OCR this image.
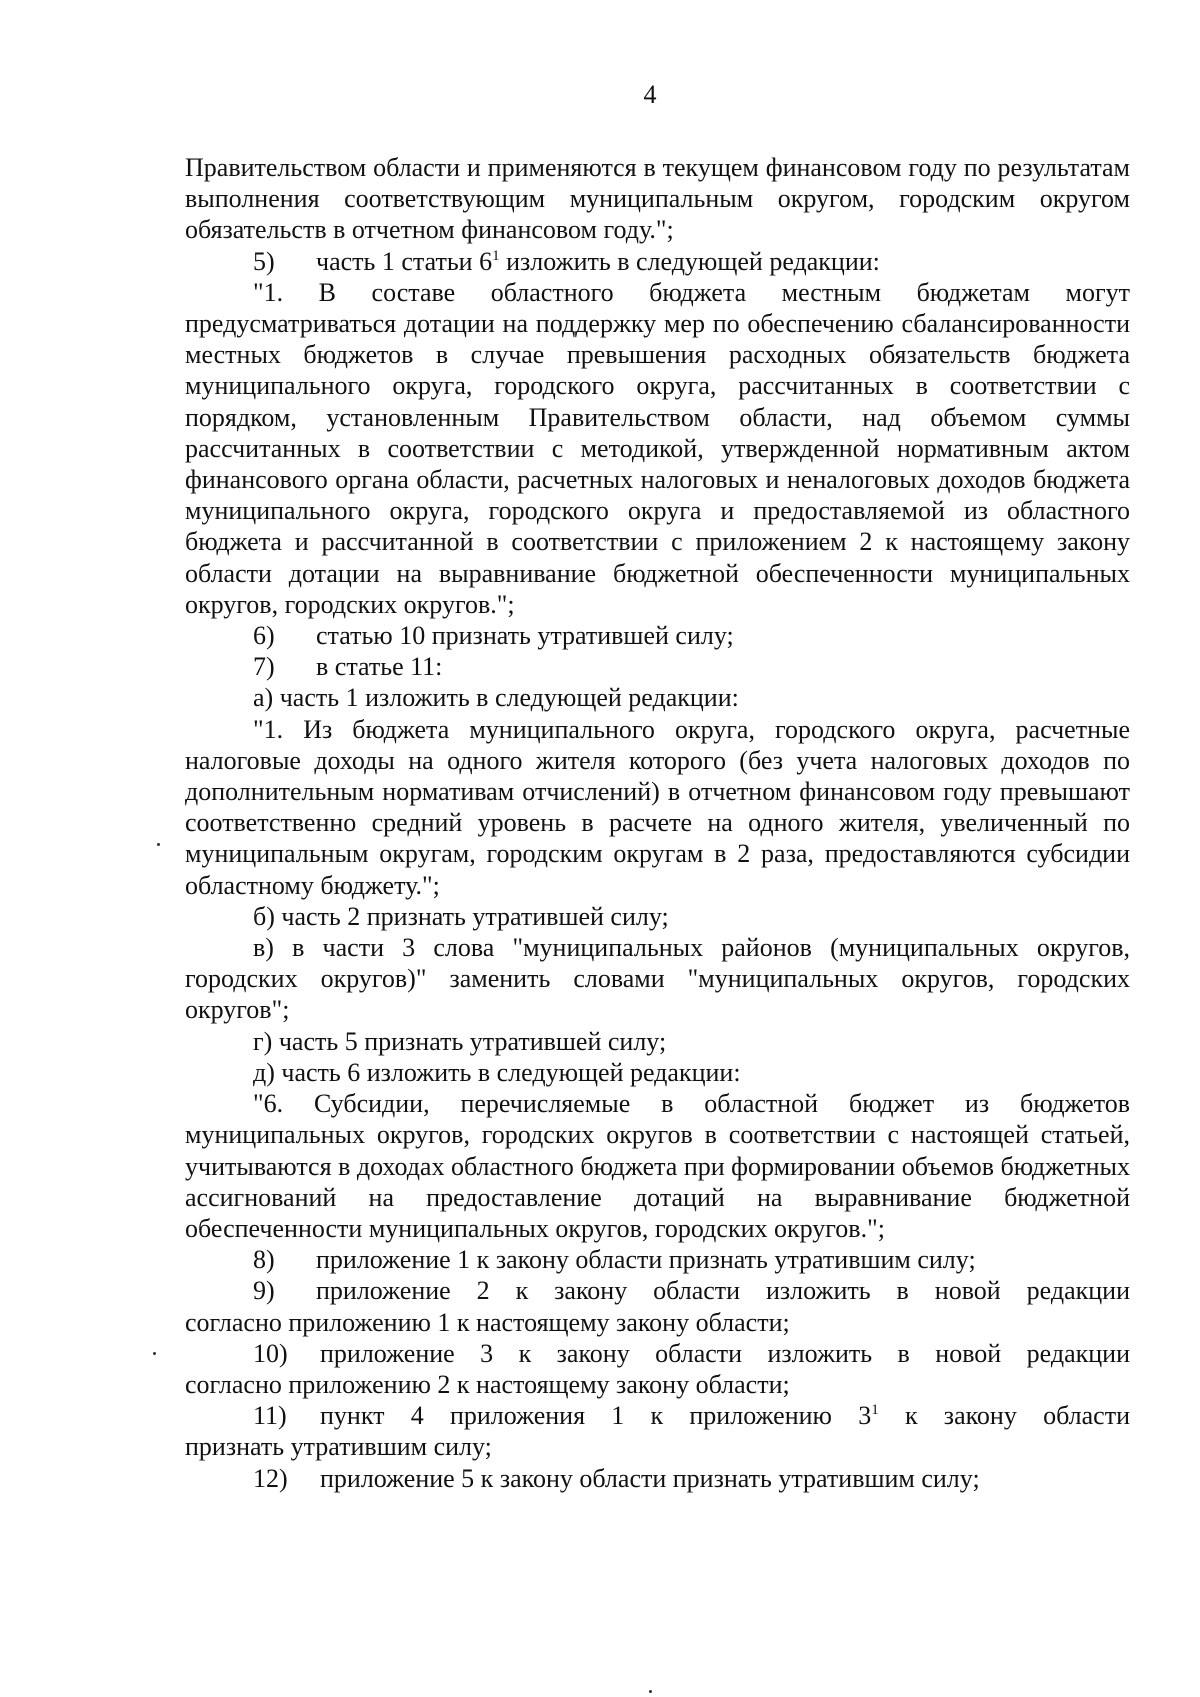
4

Правительством области и применяются в текущем финансовом году по результатам выполнения соответствующим муниципальным округом, городским округом обязательств в отчетном финансовом году.";

5)	часть 1 статьи $6^1$ изложить в следующей редакции:

"1. В составе областного бюджета местным бюджетам могут предусматриваться дотации на поддержку мер по обеспечению сбалансированности местных бюджетов в случае превышения расходных обязательств бюджета муниципального округа, городского округа, рассчитанных в соответствии с порядком, установленным Правительством области, над объемом суммы рассчитанных в соответствии с методикой, утвержденной нормативным актом финансового органа области, расчетных налоговых и неналоговых доходов бюджета муниципального округа, городского округа и предоставляемой из областного бюджета и рассчитанной в соответствии с приложением 2 к настоящему закону области дотации на выравнивание бюджетной обеспеченности муниципальных округов, городских округов.";

6)	статью 10 признать утратившей силу;
7)	в статье 11:

а) часть 1 изложить в следующей редакции:

"1. Из бюджета муниципального округа, городского округа, расчетные налоговые доходы на одного жителя которого (без учета налоговых доходов по дополнительным нормативам отчислений) в отчетном финансовом году превышают соответственно средний уровень в расчете на одного жителя, увеличенный по муниципальным округам, городским округам в 2 раза, предоставляются субсидии областному бюджету.";

б) часть 2 признать утратившей силу;

в) в части 3 слова "муниципальных районов (муниципальных округов, городских округов)" заменить словами "муниципальных округов, городских округов";

г) часть 5 признать утратившей силу;

д) часть 6 изложить в следующей редакции:

"6. Субсидии, перечисляемые в областной бюджет из бюджетов муниципальных округов, городских округов в соответствии с настоящей статьей, учитываются в доходах областного бюджета при формировании объемов бюджетных ассигнований на предоставление дотаций на выравнивание бюджетной обеспеченности муниципальных округов, городских округов.";

8)	приложение 1 к закону области признать утратившим силу;
9)	приложение 2 к закону области изложить в новой редакции

согласно приложению 1 к настоящему закону области;

10)	приложение 3 к закону области изложить в новой редакции

согласно приложению 2 к настоящему закону области;

11)	пункт 4 приложения 1 к приложению $3^1$ к закону области

признать утратившим силу;

12)	приложение 5 к закону области признать утратившим силу;
